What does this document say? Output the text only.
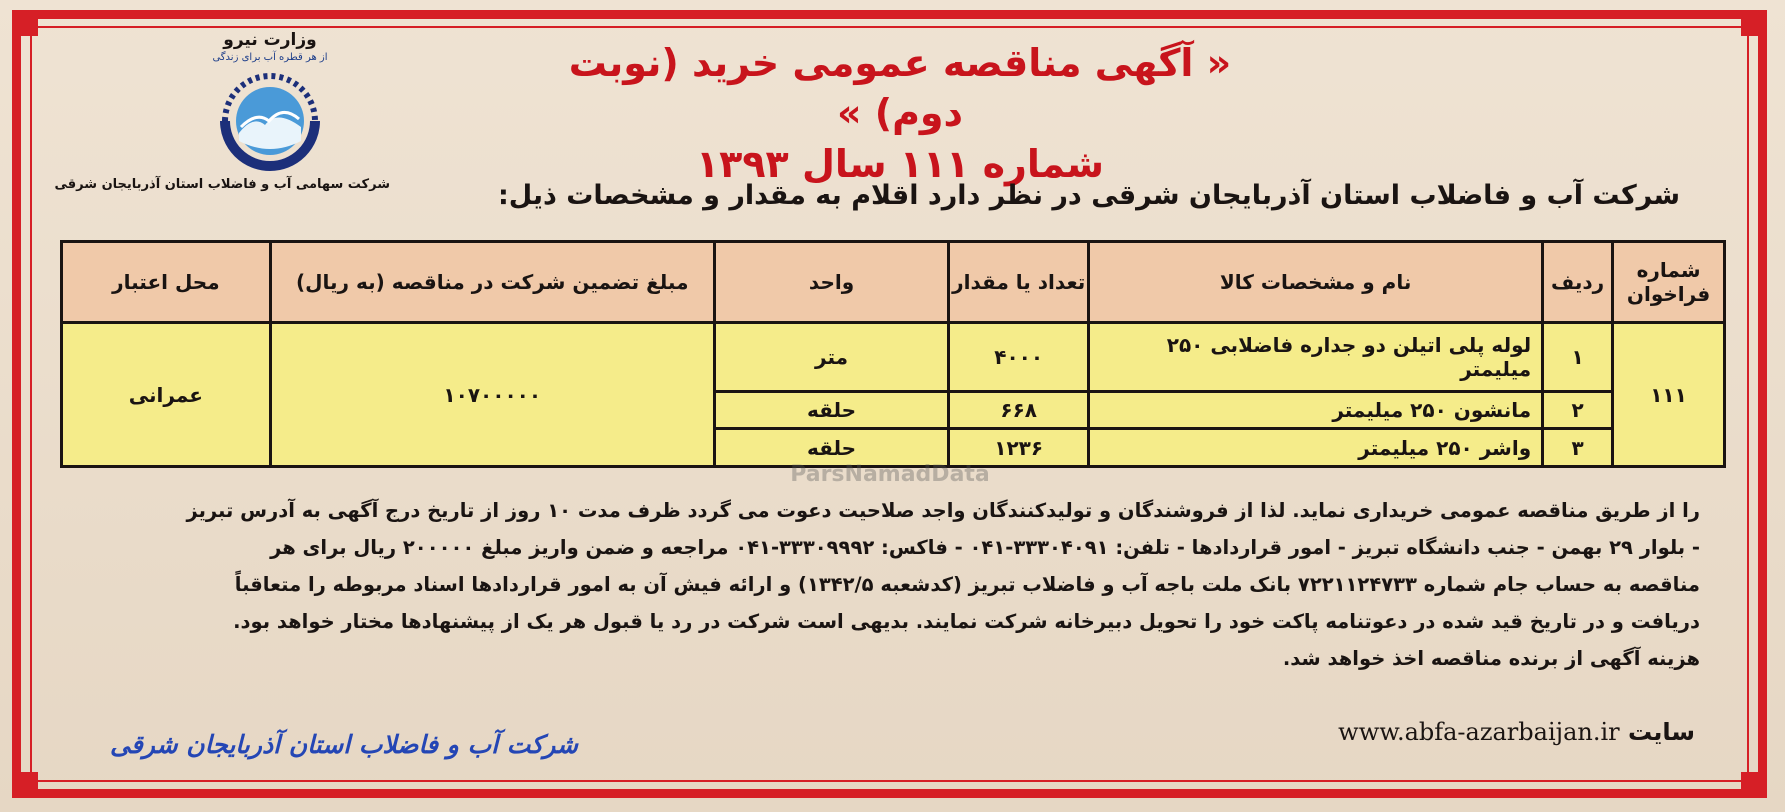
وزارت نیرو
از هر قطره آب برای زندگی
شرکت سهامی آب و فاضلاب استان آذربایجان شرقی
« آگهی مناقصه عمومی خرید (نوبت دوم) »
شماره ۱۱۱ سال ۱۳۹۳
شرکت آب و فاضلاب استان آذربایجان شرقی در نظر دارد اقلام به مقدار و مشخصات ذیل:
شماره فراخوان	ردیف	نام و مشخصات کالا	تعداد یا مقدار	واحد	مبلغ تضمین شرکت در مناقصه (به ریال)	محل اعتبار
۱۱۱	۱	لوله پلی اتیلن دو جداره فاضلابی ۲۵۰ میلیمتر	۴۰۰۰	متر	۱۰۷۰۰۰۰۰	عمرانی
	۲	مانشون ۲۵۰ میلیمتر	۶۶۸	حلقه		
	۳	واشر ۲۵۰ میلیمتر	۱۲۳۶	حلقه		
ParsNamadData

را از طریق مناقصه عمومی خریداری نماید. لذا از فروشندگان و تولیدکنندگان واجد صلاحیت دعوت می گردد ظرف مدت ۱۰ روز از تاریخ درج آگهی به آدرس تبریز

- بلوار ۲۹ بهمن - جنب دانشگاه تبریز - امور قراردادها - تلفن: ۳۳۳۰۴۰۹۱-۰۴۱ - فاکس: ۳۳۳۰۹۹۹۲-۰۴۱ مراجعه و ضمن واریز مبلغ ۲۰۰۰۰۰ ریال برای هر

مناقصه به حساب جام شماره ۷۲۲۱۱۲۴۷۳۳ بانک ملت باجه آب و فاضلاب تبریز (کدشعبه ۱۳۴۲/۵) و ارائه فیش آن به امور قراردادها اسناد مربوطه را متعاقباً

دریافت و در تاریخ قید شده در دعوتنامه پاکت خود را تحویل دبیرخانه شرکت نمایند. بدیهی است شرکت در رد یا قبول هر یک از پیشنهادها مختار خواهد بود.

هزینه آگهی از برنده مناقصه اخذ خواهد شد.

سایت www.abfa-azarbaijan.ir
شرکت آب و فاضلاب استان آذربایجان شرقی
